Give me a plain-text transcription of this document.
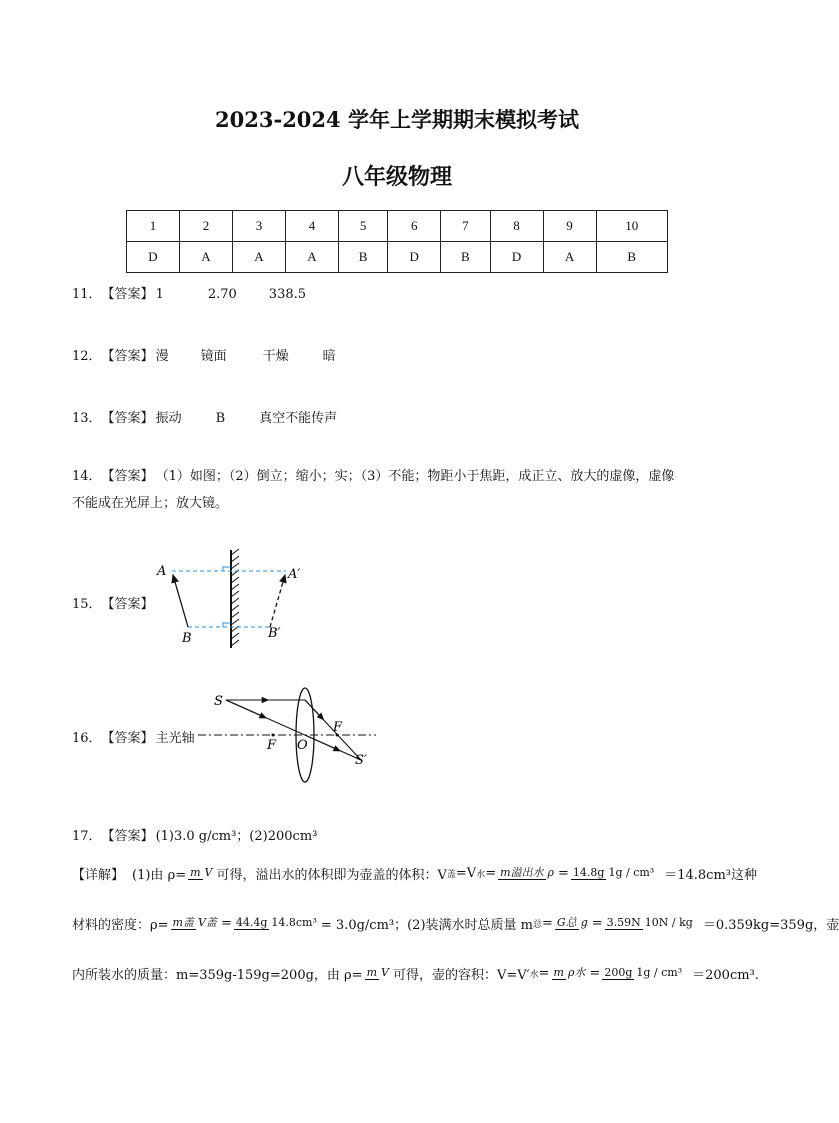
2023-2024 学年上学期期末模拟考试
八年级物理
1	2	3	4	5	6	7	8	9	10
D	A	A	A	B	D	B	D	A	B
11．【答案】 1	2.70 338.5
12．【答案】 漫 镜面	干燥	暗
13．【答案】 振动	B	真空不能传声
14．【答案】 （1）如图；（2）倒立；缩小；实；（3）不能；物距小于焦距，成正立、放大的虚像，虚像
不能成在光屏上；放大镜。
15．【答案】
A
B
A′
B′
16．【答案】 主光轴
S
F O
F
S′
17．【答案】 (1)3.0 g/cm³；(2)200cm³
【详解】 (1)由 ρ= m V 可得，溢出水的体积即为壶盖的体积：V 盖 =V 水 = m溢出水 ρ = 14.8g 1g / cm³ ＝14.8cm³这种
材料的密度：ρ= m盖 V盖 = 44.4g 14.8cm³ = 3.0g/cm³；(2)装满水时总质量 m 总 = G总 g = 3.59N 10N / kg ＝0.359kg=359g，壶
内所装水的质量：m=359g-159g=200g，由 ρ= m V 可得，壶的容积：V=V′ 水 = m ρ水 = 200g 1g / cm³ ＝200cm³.
